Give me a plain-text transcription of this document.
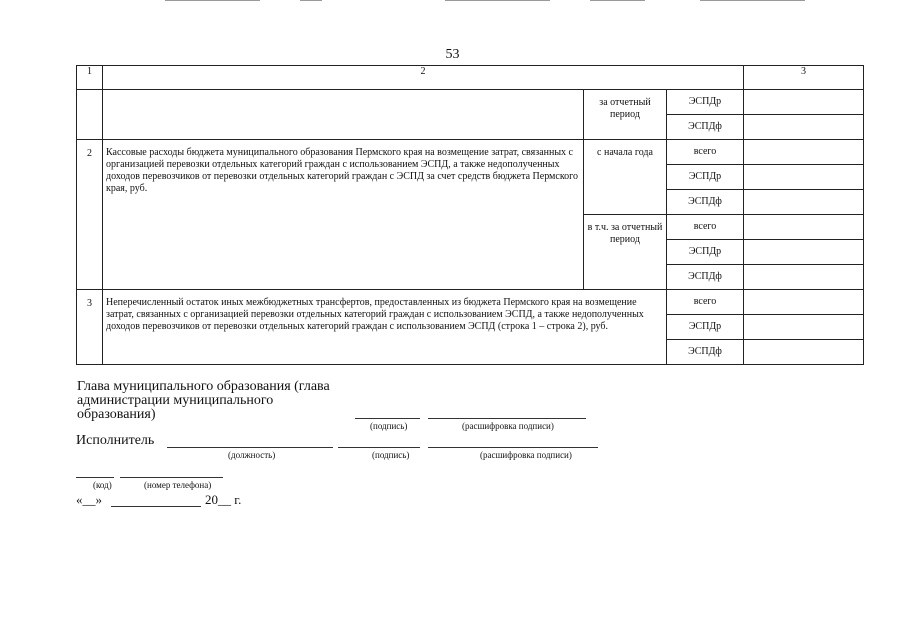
53
1	2			3
		за отчетный период	ЭСПДр	
			ЭСПДф	
2	Кассовые расходы бюджета муниципального образования Пермского края на возмещение затрат, связанных с организацией перевозки отдельных категорий граждан с использованием ЭСПД, а также недополученных доходов перевозчиков от перевозки отдельных категорий граждан с ЭСПД за счет средств бюджета Пермского края, руб.	с начала года	всего	
			ЭСПДр	
			ЭСПДф	
		в т.ч. за отчетный период	всего	
			ЭСПДр	
			ЭСПДф	
3	Неперечисленный остаток иных межбюджетных трансфертов, предоставленных из бюджета Пермского края на возмещение затрат, связанных с организацией перевозки отдельных категорий граждан с использованием ЭСПД, а также недополученных доходов перевозчиков от перевозки отдельных категорий граждан с использованием ЭСПД (строка 1 – строка 2), руб.		всего	
			ЭСПДр	
			ЭСПДф	
Глава муниципального образования (глава администрации муниципального образования)
(подпись)	(расшифровка подписи)
Исполнитель
(должность)	(подпись)	(расшифровка подписи)
(код)	(номер телефона)
«__»	20__ г.
